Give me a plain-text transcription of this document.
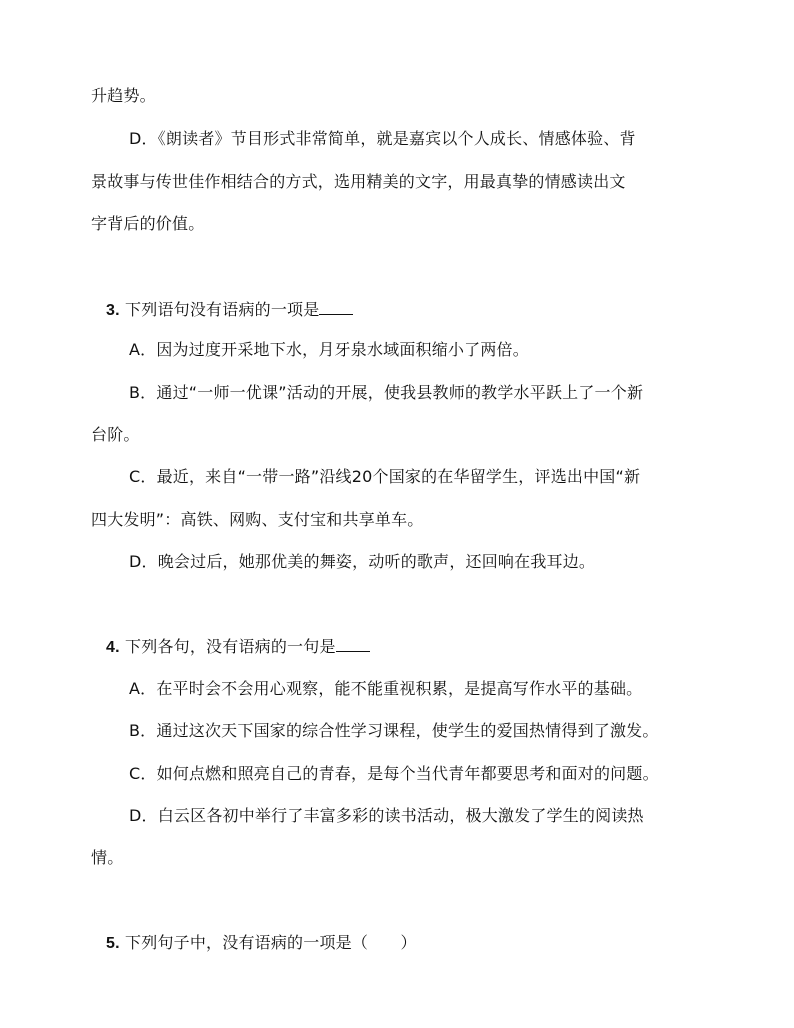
升趋势。
D．《朗读者》节目形式非常简单，就是嘉宾以个人成长、情感体验、背
景故事与传世佳作相结合的方式，选用精美的文字，用最真挚的情感读出文
字背后的价值。
3. 下列语句没有语病的一项是
A．因为过度开采地下水，月牙泉水域面积缩小了两倍。
B．通过“一师一优课”活动的开展，使我县教师的教学水平跃上了一个新
台阶。
C．最近，来自“一带一路”沿线20个国家的在华留学生，评选出中国“新
四大发明”：高铁、网购、支付宝和共享单车。
D．晚会过后，她那优美的舞姿，动听的歌声，还回响在我耳边。
4. 下列各句，没有语病的一句是
A．在平时会不会用心观察，能不能重视积累，是提高写作水平的基础。
B．通过这次天下国家的综合性学习课程，使学生的爱国热情得到了激发。
C．如何点燃和照亮自己的青春，是每个当代青年都要思考和面对的问题。
D．白云区各初中举行了丰富多彩的读书活动，极大激发了学生的阅读热
情。
5. 下列句子中，没有语病的一项是（　　）
